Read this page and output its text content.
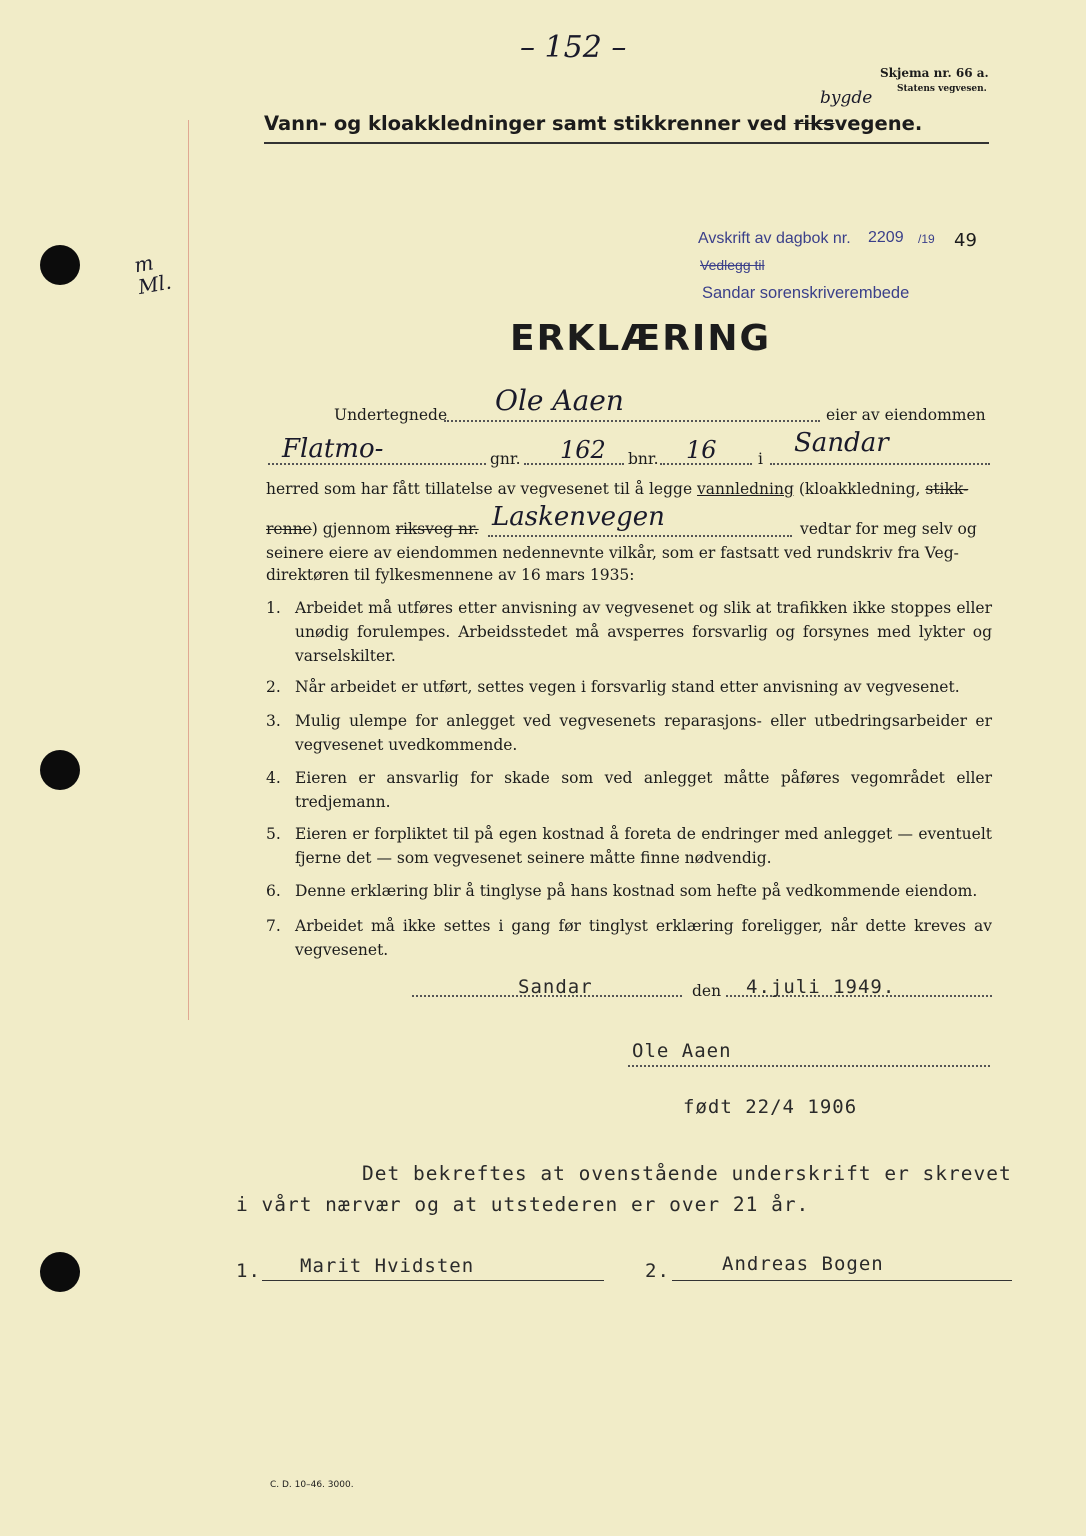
– 152 –
m Ml.
Skjema nr. 66 a.
Statens vegvesen.
bygde
Vann- og kloakkledninger samt stikkrenner ved riksvegene.
Avskrift av dagbok nr. 2209 /19 49
Vedlegg til
Sandar sorenskriverembede
ERKLÆRING
Undertegnede Ole Aaen	eier av eiendommen
Flatmo-	gnr. 162 bnr. 16	i
Sandar
herred som har fått tillatelse av vegvesenet til å legge vannledning (kloakkledning, stikk-
renne) gjennom riksveg nr. Laskenvegen	vedtar for meg selv og
seinere eiere av eiendommen nedennevnte vilkår, som er fastsatt ved rundskriv fra Veg-
direktøren til fylkesmennene av 16 mars 1935:
1. Arbeidet må utføres etter anvisning av vegvesenet og slik at trafikken ikke stoppes eller unødig forulempes. Arbeidsstedet må avsperres forsvarlig og forsynes med lykter og varselskilter.
2. Når arbeidet er utført, settes vegen i forsvarlig stand etter anvisning av vegvesenet.
3. Mulig ulempe for anlegget ved vegvesenets reparasjons- eller utbedringsarbeider er vegvesenet uvedkommende.
4. Eieren er ansvarlig for skade som ved anlegget måtte påføres vegområdet eller tredjemann.
5. Eieren er forpliktet til på egen kostnad å foreta de endringer med anlegget — eventuelt fjerne det — som vegvesenet seinere måtte finne nødvendig.
6. Denne erklæring blir å tinglyse på hans kostnad som hefte på vedkommende eiendom.
7. Arbeidet må ikke settes i gang før tinglyst erklæring foreligger, når dette kreves av vegvesenet.
Sandar	den 4.juli 1949.
Ole Aaen
født 22/4 1906
Det bekreftes at ovenstående underskrift er skrevet
i vårt nærvær og at utstederen er over 21 år.
1. Marit Hvidsten	2.	Andreas Bogen
C. D. 10–46. 3000.
